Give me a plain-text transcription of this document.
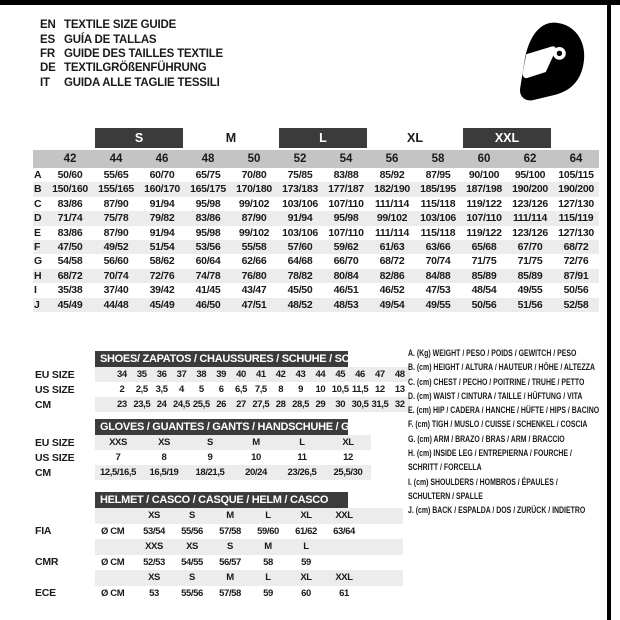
EN TEXTILE SIZE GUIDE
ES GUÍA DE TALLAS
FR GUIDE DES TAILLES TEXTILE
DE TEXTILGRÖßENFÜHRUNG
IT	GUIDA ALLE TAGLIE TESSILI
S	M	L	XL	XXL
42	44	46	48	50	52	54	56	58	60	62	64
A	50/60	55/65	60/70	65/75	70/80	75/85	83/88	85/92	87/95	90/100	95/100	105/115
B	150/160 155/165 160/170 165/175 170/180 173/183 177/187 182/190 185/195 187/198 190/200 190/200
C	83/86	87/90	91/94	95/98	99/102	103/106 107/110	111/114	115/118	119/122 123/126 127/130
D	71/74	75/78	79/82	83/86	87/90	91/94	95/98	99/102	103/106 107/110	111/114	115/119
E	83/86	87/90	91/94	95/98	99/102	103/106 107/110	111/114	115/118	119/122 123/126 127/130
F	47/50	49/52	51/54	53/56	55/58	57/60	59/62	61/63	63/66	65/68	67/70	68/72
G	54/58	56/60	58/62	60/64	62/66	64/68	66/70	68/72	70/74	71/75	71/75	72/76
H	68/72	70/74	72/76	74/78	76/80	78/82	80/84	82/86	84/88	85/89	85/89	87/91
I	35/38	37/40	39/42	41/45	43/47	45/50	46/51	46/52	47/53	48/54	49/55	50/56
J	45/49	44/48	45/49	46/50	47/51	48/52	48/53	49/54	49/55	50/56	51/56	52/58
SHOES/ ZAPATOS / CHAUSSURES / SCHUHE / SCARPE
EU SIZE	34	35	36	37	38	39	40	41	42	43	44	45	46	47	48
US SIZE	2	2,5 3,5	4	5	6	6,5 7,5	8	9	10 10,5 11,5 12	13
CM	23 23,5 24 24,5 25,5 26	27 27,5 28 28,5 29	30 30,5 31,5 32
GLOVES / GUANTES / GANTS / HANDSCHUHE / GUANTI
EU SIZE	XXS	XS	S	M	L	XL
US SIZE	7	8	9	10	11	12
CM	12,5/16,5	16,5/19	18/21,5	20/24	23/26,5	25,5/30
HELMET / CASCO / CASQUE / HELM / CASCO
XS	S	M	L	XL	XXL
FIA	Ø CM	53/54	55/56	57/58	59/60	61/62	63/64
XXS	XS	S	M	L
CMR	Ø CM	52/53	54/55	56/57	58	59
XS	S	M	L	XL	XXL
ECE	Ø CM	53	55/56	57/58	59	60	61
A. (Kg) WEIGHT / PESO / POIDS / GEWITCH / PESO
B. (cm) HEIGHT / ALTURA / HAUTEUR / HÖHE / ALTEZZA
C. (cm) CHEST / PECHO / POITRINE / TRUHE / PETTO
D. (cm) WAIST / CINTURA / TAILLE / HÜFTUNG / VITA
E. (cm) HIP / CADERA / HANCHE / HÜFTE / HIPS / BACINO
F. (cm) TIGH / MUSLO / CUISSE / SCHENKEL / COSCIA
G. (cm) ARM / BRAZO / BRAS / ARM / BRACCIO
H. (cm) INSIDE LEG / ENTREPIERNA / FOURCHE /
SCHRITT / FORCELLA
I. (cm) SHOULDERS / HOMBROS / ÉPAULES /
SCHULTERN / SPALLE
J. (cm) BACK / ESPALDA / DOS / ZURÜCK / INDIETRO
